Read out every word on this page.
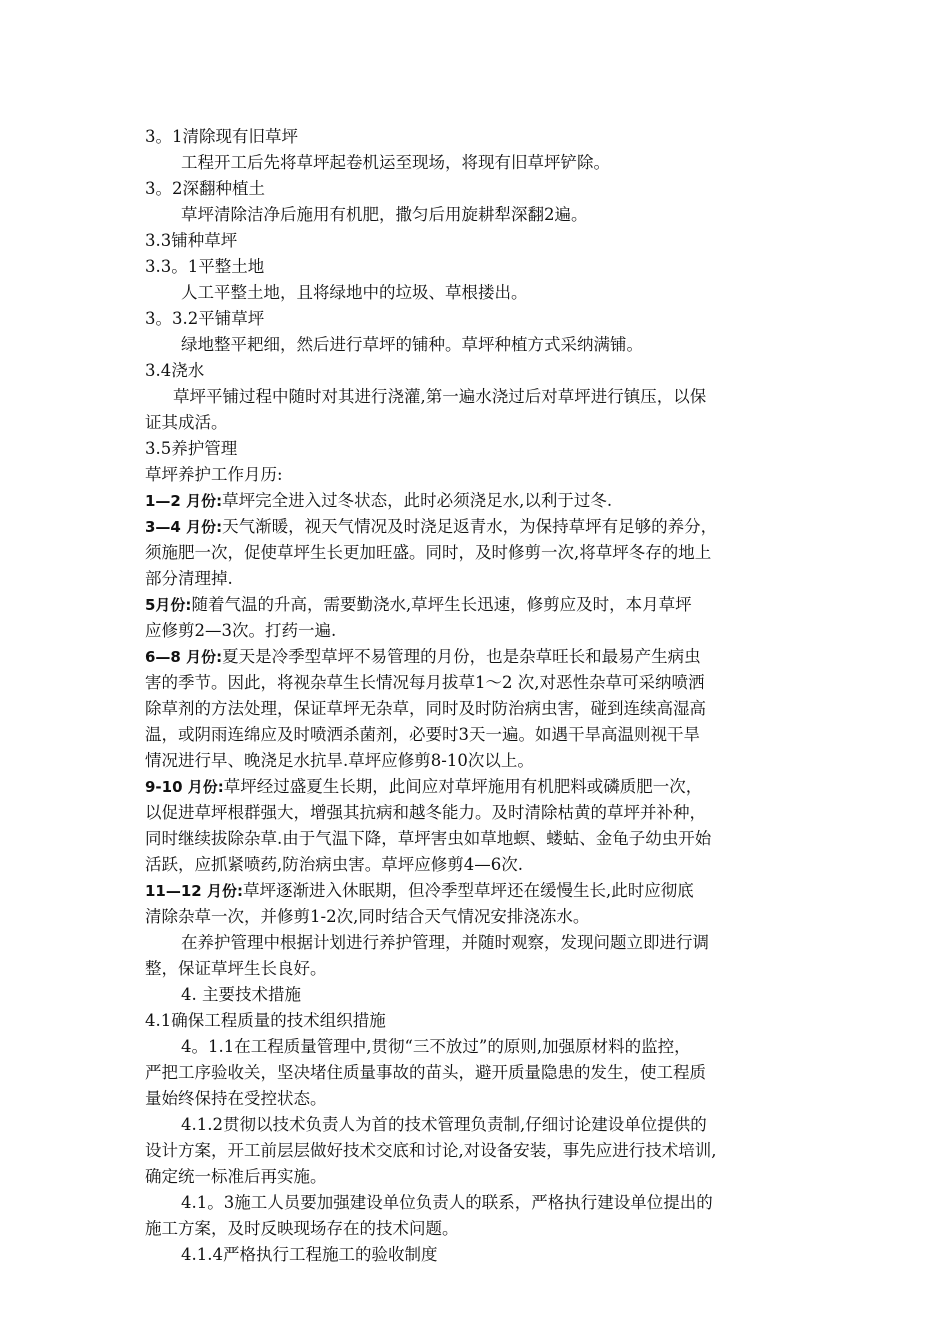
3。1清除现有旧草坪
工程开工后先将草坪起卷机运至现场，将现有旧草坪铲除。
3。2深翻种植土
草坪清除洁净后施用有机肥，撒匀后用旋耕犁深翻2遍。
3.3铺种草坪
3.3。1平整土地
人工平整土地，且将绿地中的垃圾、草根搂出。
3。3.2平铺草坪
绿地整平耙细，然后进行草坪的铺种。草坪种植方式采纳满铺。
3.4浇水
草坪平铺过程中随时对其进行浇灌,第一遍水浇过后对草坪进行镇压，以保
证其成活。
3.5养护管理
草坪养护工作月历:
1—2 月份:草坪完全进入过冬状态，此时必须浇足水,以利于过冬.
3—4 月份:天气渐暖，视天气情况及时浇足返青水，为保持草坪有足够的养分，
须施肥一次，促使草坪生长更加旺盛。同时，及时修剪一次,将草坪冬存的地上
部分清理掉.
5月份:随着气温的升高，需要勤浇水,草坪生长迅速，修剪应及时，本月草坪
应修剪2—3次。打药一遍.
6—8 月份:夏天是冷季型草坪不易管理的月份，也是杂草旺长和最易产生病虫
害的季节。因此，将视杂草生长情况每月拔草1～2 次,对恶性杂草可采纳喷洒
除草剂的方法处理，保证草坪无杂草，同时及时防治病虫害，碰到连续高湿高
温，或阴雨连绵应及时喷洒杀菌剂，必要时3天一遍。如遇干旱高温则视干旱
情况进行早、晚浇足水抗旱.草坪应修剪8-10次以上。
9-10 月份:草坪经过盛夏生长期，此间应对草坪施用有机肥料或磷质肥一次，
以促进草坪根群强大，增强其抗病和越冬能力。及时清除枯黄的草坪并补种，
同时继续拔除杂草.由于气温下降，草坪害虫如草地螟、蝼蛄、金龟子幼虫开始
活跃，应抓紧喷药,防治病虫害。草坪应修剪4—6次.
11—12 月份:草坪逐渐进入休眠期，但冷季型草坪还在缓慢生长,此时应彻底
清除杂草一次，并修剪1-2次,同时结合天气情况安排浇冻水。
在养护管理中根据计划进行养护管理，并随时观察，发现问题立即进行调
整，保证草坪生长良好。
4. 主要技术措施
4.1确保工程质量的技术组织措施
4。1.1在工程质量管理中,贯彻“三不放过”的原则,加强原材料的监控，
严把工序验收关，坚决堵住质量事故的苗头，避开质量隐患的发生，使工程质
量始终保持在受控状态。
4.1.2贯彻以技术负责人为首的技术管理负责制,仔细讨论建设单位提供的
设计方案，开工前层层做好技术交底和讨论,对设备安装，事先应进行技术培训,
确定统一标准后再实施。
4.1。3施工人员要加强建设单位负责人的联系，严格执行建设单位提出的
施工方案，及时反映现场存在的技术问题。
4.1.4严格执行工程施工的验收制度
